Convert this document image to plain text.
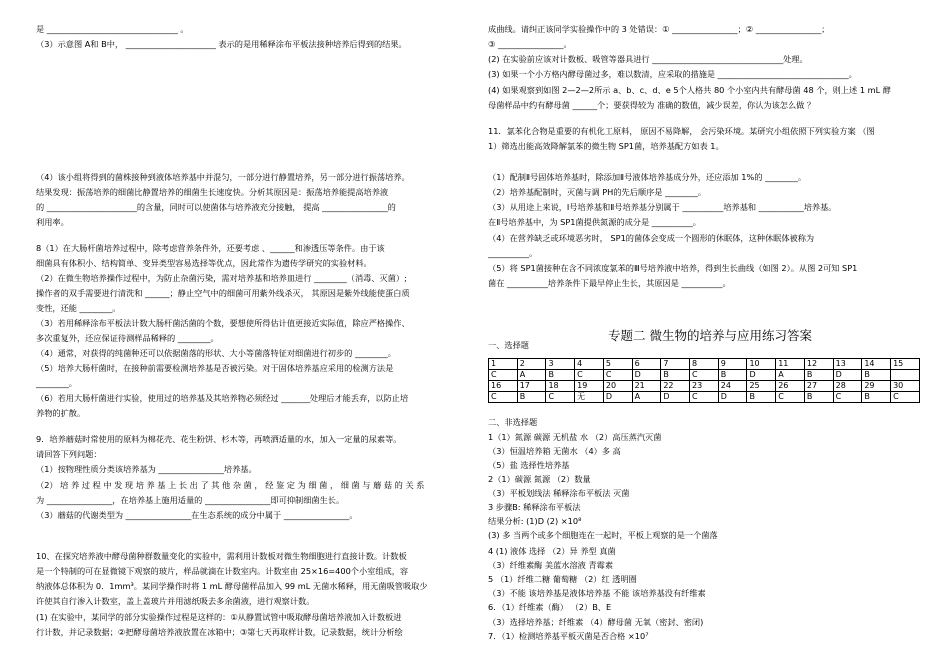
是 ________________________________ 。
（3）示意图 A和 B中， ______________________ 表示的是用稀释涂布平板法接种培养后得到的结果。
（4）该小组将得到的菌株接种到液体培养基中并混匀，一部分进行静置培养，另一部分进行振荡培养。
结果发现：振荡培养的细菌比静置培养的细菌生长速度快。分析其原因是：振荡培养能提高培养液
的 ______________________的含量，同时可以使菌体与培养液充分接触， 提高 ________________的
利用率。
8（1）在大肠杆菌培养过程中，除考虑营养条件外，还要考虑 、______和渗透压等条件。由于该
细菌具有体积小、结构简单、变异类型容易选择等优点，因此常作为遗传学研究的实验材料。
（2）在微生物培养操作过程中，为防止杂菌污染，需对培养基和培养皿进行 ________（消毒、灭菌）;
操作者的双手需要进行清洗和 ______；静止空气中的细菌可用紫外线杀灭， 其原因是紫外线能使蛋白质
变性，还能 ________。
（3）若用稀释涂布平板法计数大肠杆菌活菌的个数，要想使所得估计值更接近实际值，除应严格操作、
多次重复外，还应保证待测样品稀释的 ________。
（4）通常，对获得的纯菌种还可以依据菌落的形状、大小等菌落特征对细菌进行初步的 ________。
（5）培养大肠杆菌时，在接种前需要检测培养基是否被污染。对于固体培养基应采用的检测方法是
________。
（6）若用大肠杆菌进行实验，使用过的培养基及其培养物必须经过 _______处理后才能丢弃，以防止培
养物的扩散。
9．培养蘑菇时常使用的原料为棉花壳、花生粉饼、杉木等，再喷洒适量的水，加入一定量的尿素等。
请回答下列问题：
（1）按物理性质分类该培养基为 ________________培养基。
（2） 培 养 过 程 中 发 现 培 养 基 上 长 出 了 其 他 杂 菌 ， 经 鉴 定 为 细 菌 ， 细 菌 与 蘑 菇 的 关 系
为 ________________，在培养基上施用适量的 ________________即可抑制细菌生长。
（3）蘑菇的代谢类型为 ________________在生态系统的成分中属于 ________________。
10、在探究培养液中酵母菌种群数量变化的实验中，需利用计数板对微生物细胞进行直接计数。计数板
是一个特制的可在显微镜下观察的玻片，样品就滴在计数室内。计数室由 25×16=400个小室组成，容
纳液体总体积为 0．1mm³。某同学操作时将 1 mL 酵母菌样品加入 99 mL 无菌水稀释，用无菌吸管吸取少
许使其自行渗入计数室，盖上盖玻片并用滤纸吸去多余菌液，进行观察计数。
(1) 在实验中，某同学的部分实验操作过程是这样的：①从静置试管中吸取酵母菌培养液加入计数板进
行计数，并记录数据；②把酵母菌培养液放置在冰箱中；③第七天再取样计数，记录数据，统计分析绘
专题二 微生物的培养与应用练习答案
1	2	3	4	5	6	7	8	9	10	11	12	13	14	15
C	A	B	C	C	D	B	C	B	D	A	B	D	B	
16	17	18	19	20	21	22	23	24	25	26	27	28	29	30
C	B	C	无	D	A	D	C	D	B	C	B	C	B	C
成曲线。请纠正该同学实验操作中的 3 处错误：① ________________；② ________________；
③ ________________。
(2) 在实验前应该对计数板、吸管等器具进行 ________________________________处理。
(3) 如果一个小方格内酵母菌过多，难以数清，应采取的措施是 ________________________________。
(4) 如果观察到如图 2—2—2所示 a、b、c、d、e 5个人格共 80 个小室内共有酵母菌 48 个，则上述 1 mL 酵
母菌样品中约有酵母菌 ______个；要获得较为 准确的数值，减少误差，你认为该怎么做 ？
11．氯苯化合物是重要的有机化工原料， 原因不易降解， 会污染环境。某研究小组依照下列实验方案 （图
1）筛选出能高效降解氯苯的微生物 SP1菌，培养基配方如表 1。
（1）配制Ⅱ号固体培养基时，除添加Ⅱ号液体培养基成分外，还应添加 1%的 ________。
（2）培养基配制时，灭菌与调 PH的先后顺序是 ________。
（3）从用途上来说，Ⅰ号培养基和Ⅱ号培养基分别属于 __________培养基和 ___________培养基。
在Ⅱ号培养基中，为 SP1菌提供氮源的成分是 __________。
（4）在营养缺乏或环境恶劣时， SP1的菌体会变成一个圆形的休眠体，这种休眠体被称为
__________。
（5）将 SP1菌接种在含不同浓度氯苯的Ⅲ号培养液中培养，得到生长曲线（如图 2）。从图 2可知 SP1
菌在 __________培养条件下最早停止生长，其原因是 __________。
一、选择题
二、非选择题
1（1）氮源 碳源 无机盐 水 （2）高压蒸汽灭菌
（3）恒温培养箱 无菌水 （4）多 高
（5）盐 选择性培养基
2（1）碳源 氮源 （2）数量
（3）平板划线法 稀释涂布平板法 灭菌
3 步骤B: 稀释涂布平板法
结果分析: (1)D (2) ×10⁸
(3) 多 当两个或多个细胞连在一起时，平板上观察的是一个菌落
4 (1) 液体 选择 （2）异 养型 真菌
（3）纤维素酶 美蓝水溶液 青霉素
5 （1）纤维二糖 葡萄糖 （2）红 透明圈
（3）不能 该培养基是液体培养基 不能 该培养基没有纤维素
6．（1）纤维素（酶） （2）B、E
（3）选择培养基；纤维素 （4）酵母菌 无氧（密封、密闭)
7．（1）检测培养基平板灭菌是否合格 ×10⁷
